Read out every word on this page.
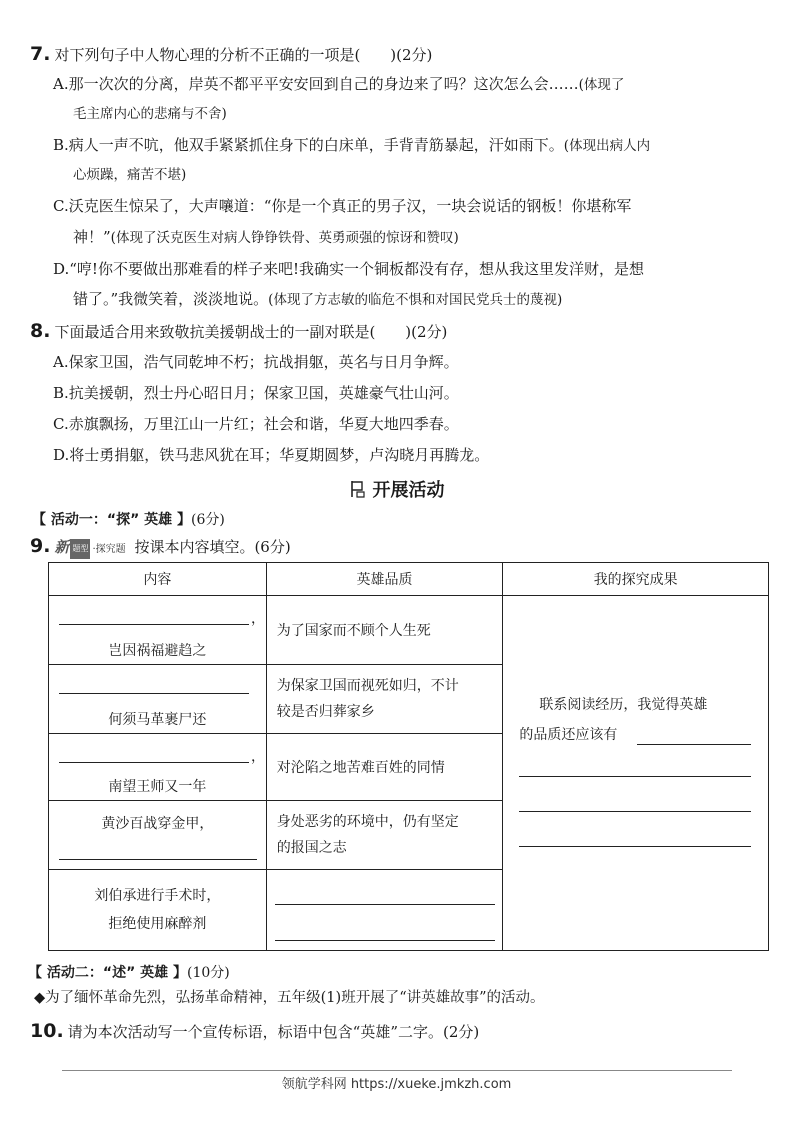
7. 对下列句子中人物心理的分析不正确的一项是(　　)(2分)
A.那一次次的分离，岸英不都平平安安回到自己的身边来了吗？这次怎么会……(体现了
毛主席内心的悲痛与不舍)
B.病人一声不吭，他双手紧紧抓住身下的白床单，手背青筋暴起，汗如雨下。(体现出病人内
心烦躁，痛苦不堪)
C.沃克医生惊呆了，大声嚷道：“你是一个真正的男子汉，一块会说话的钢板！你堪称军
神！”(体现了沃克医生对病人铮铮铁骨、英勇顽强的惊讶和赞叹)
D.“哼!你不要做出那难看的样子来吧!我确实一个铜板都没有存，想从我这里发洋财，是想
错了。”我微笑着，淡淡地说。(体现了方志敏的临危不惧和对国民党兵士的蔑视)
8. 下面最适合用来致敬抗美援朝战士的一副对联是(　　)(2分)
A.保家卫国，浩气同乾坤不朽；抗战捐躯，英名与日月争辉。
B.抗美援朝，烈士丹心昭日月；保家卫国，英雄豪气壮山河。
C.赤旗飘扬，万里江山一片红；社会和谐，华夏大地四季春。
D.将士勇捐躯，铁马悲风犹在耳；华夏期圆梦，卢沟晓月再腾龙。
开展活动
【 活动一：“探” 英雄 】(6分)
9. 新 题型 ·探究题 按课本内容填空。(6分)
内容	英雄品质	我的探究成果

，
岂因祸福避趋之	为了国家而不顾个人生死	联系阅读经历，我觉得英雄
的品质还应该有

何须马革裹尸还	为保家卫国而视死如归，不计
较是否归葬家乡	

，
南望王师又一年	对沦陷之地苦难百姓的同情	

黄沙百战穿金甲，	身处恶劣的环境中，仍有坚定
的报国之志	

刘伯承进行手术时，
拒绝使用麻醉剂		

【 活动二：“述” 英雄 】(10分)
◆为了缅怀革命先烈，弘扬革命精神，五年级(1)班开展了“讲英雄故事”的活动。
10. 请为本次活动写一个宣传标语，标语中包含“英雄”二字。(2分)
领航学科网 https://xueke.jmkzh.com
